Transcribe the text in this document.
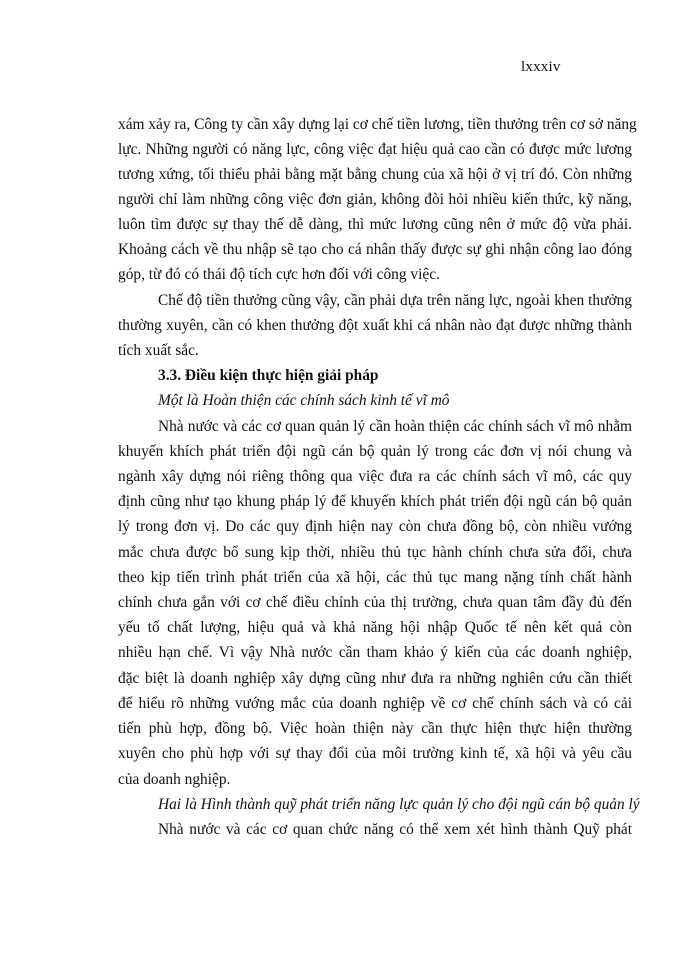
lxxxiv
xám xảy ra, Công ty cần xây dựng lại cơ chế tiền lương, tiền thưởng trên cơ sở năng
lực. Những người có năng lực, công việc đạt hiệu quả cao cần có được mức lương
tương xứng, tối thiểu phải bằng mặt bằng chung của xã hội ở vị trí đó. Còn những
người chỉ làm những công việc đơn giản, không đòi hỏi nhiều kiến thức, kỹ năng,
luôn tìm được sự thay thế dễ dàng, thì mức lương cũng nên ở mức độ vừa phải.
Khoảng cách về thu nhập sẽ tạo cho cá nhân thấy được sự ghi nhận công lao đóng
góp, từ đó có thái độ tích cực hơn đối với công việc.
Chế độ tiền thưởng cũng vậy, cần phải dựa trên năng lực, ngoài khen thưởng
thường xuyên, cần có khen thưởng đột xuất khi cá nhân nào đạt được những thành
tích xuất sắc.
3.3. Điều kiện thực hiện giải pháp
Một là Hoàn thiện các chính sách kinh tế vĩ mô
Nhà nước và các cơ quan quản lý cần hoàn thiện các chính sách vĩ mô nhằm
khuyến khích phát triển đội ngũ cán bộ quản lý trong các đơn vị nói chung và
ngành xây dựng nói riêng thông qua việc đưa ra các chính sách vĩ mô, các quy
định cũng như tạo khung pháp lý để khuyến khích phát triển đội ngũ cán bộ quản
lý trong đơn vị. Do các quy định hiện nay còn chưa đồng bộ, còn nhiều vướng
mắc chưa được bổ sung kịp thời, nhiều thủ tục hành chính chưa sửa đổi, chưa
theo kịp tiến trình phát triển của xã hội, các thủ tục mang nặng tính chất hành
chính chưa gắn với cơ chế điều chỉnh của thị trường, chưa quan tâm đầy đủ đến
yếu tố chất lượng, hiệu quả và khả năng hội nhập Quốc tế nên kết quả còn
nhiều hạn chế. Vì vậy Nhà nước cần tham khảo ý kiến của các doanh nghiệp,
đặc biệt là doanh nghiệp xây dựng cũng như đưa ra những nghiên cứu cần thiết
để hiểu rõ những vướng mắc của doanh nghiệp về cơ chế chính sách và có cải
tiến phù hợp, đồng bộ. Việc hoàn thiện này cần thực hiện thực hiện thường
xuyên cho phù hợp với sự thay đổi của môi trường kinh tế, xã hội và yêu cầu
của doanh nghiệp.
Hai là Hình thành quỹ phát triển năng lực quản lý cho đội ngũ cán bộ quản lý
Nhà nước và các cơ quan chức năng có thể xem xét hình thành Quỹ phát
